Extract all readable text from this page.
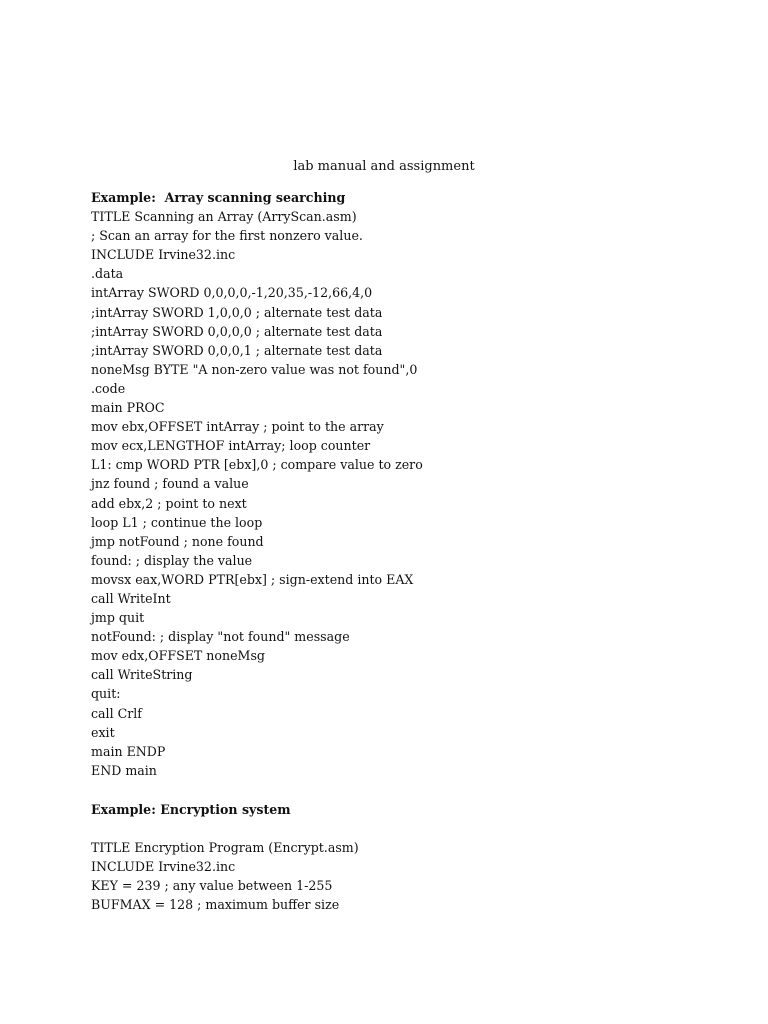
lab manual and assignment
Example:  Array scanning searching
TITLE Scanning an Array (ArryScan.asm)
; Scan an array for the first nonzero value.
INCLUDE Irvine32.inc
.data
intArray SWORD 0,0,0,0,-1,20,35,-12,66,4,0
;intArray SWORD 1,0,0,0 ; alternate test data
;intArray SWORD 0,0,0,0 ; alternate test data
;intArray SWORD 0,0,0,1 ; alternate test data
noneMsg BYTE "A non-zero value was not found",0
.code
main PROC
mov ebx,OFFSET intArray ; point to the array
mov ecx,LENGTHOF intArray; loop counter
L1: cmp WORD PTR [ebx],0 ; compare value to zero
jnz found ; found a value
add ebx,2 ; point to next
loop L1 ; continue the loop
jmp notFound ; none found
found: ; display the value
movsx eax,WORD PTR[ebx] ; sign-extend into EAX
call WriteInt
jmp quit
notFound: ; display "not found" message
mov edx,OFFSET noneMsg
call WriteString
quit:
call Crlf
exit
main ENDP
END main
Example: Encryption system
TITLE Encryption Program (Encrypt.asm)
INCLUDE Irvine32.inc
KEY = 239 ; any value between 1-255
BUFMAX = 128 ; maximum buffer size
